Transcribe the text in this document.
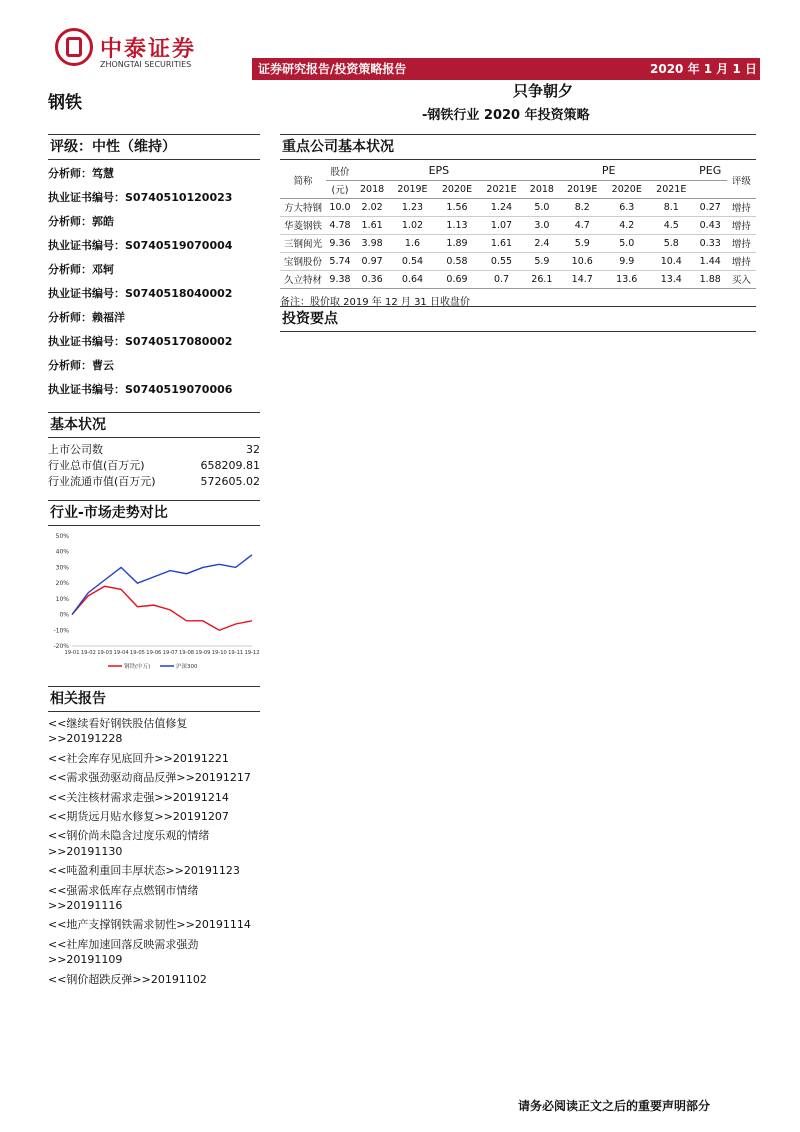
中泰证券
ZHONGTAI SECURITIES	证券研究报告/投资策略报告	2020 年 1 月 1 日
钢铁
只争朝夕
-钢铁行业 2020 年投资策略
评级：中性（维持）
分析师：笃慧
执业证书编号：S0740510120023
分析师：郭皓
执业证书编号：S0740519070004
分析师：邓轲
执业证书编号：S0740518040002
分析师：赖福洋
执业证书编号：S0740517080002
分析师：曹云
执业证书编号：S0740519070006
基本状况
上市公司数	32
行业总市值(百万元)	658209.81
行业流通市值(百万元)	572605.02
行业-市场走势对比
50%
40%
30%
20%
10%
0%
-10%
-20%
19-01 19-02 19-03 19-04 19-05 19-06 19-07 19-08 19-09 19-10 19-11 19-12
钢铁(中万)	沪深300
相关报告
<<继续看好钢铁股估值修复>>20191228
<<社会库存见底回升>>20191221
<<需求强劲驱动商品反弹>>20191217
<<关注核材需求走强>>20191214
<<期货远月贴水修复>>20191207
<<钢价尚未隐含过度乐观的情绪>>20191130
<<吨盈利重回丰厚状态>>20191123
<<强需求低库存点燃钢市情绪>>20191116
<<地产支撑钢铁需求韧性>>20191114
<<社库加速回落反映需求强劲>>20191109
<<钢价超跌反弹>>20191102
重点公司基本状况
简称	股价	EPS				PE				PEG	评级
	(元)	2018	2019E	2020E	2021E	2018	2019E	2020E	2021E		
方大特钢	10.0	2.02	1.23	1.56	1.24	5.0	8.2	6.3	8.1	0.27	增持
华菱钢铁	4.78	1.61	1.02	1.13	1.07	3.0	4.7	4.2	4.5	0.43	增持
三钢闽光	9.36	3.98	1.6	1.89	1.61	2.4	5.9	5.0	5.8	0.33	增持
宝钢股份	5.74	0.97	0.54	0.58	0.55	5.9	10.6	9.9	10.4	1.44	增持
久立特材	9.38	0.36	0.64	0.69	0.7	26.1	14.7	13.6	13.4	1.88	买入
备注：股价取 2019 年 12 月 31 日收盘价
投资要点
请务必阅读正文之后的重要声明部分
